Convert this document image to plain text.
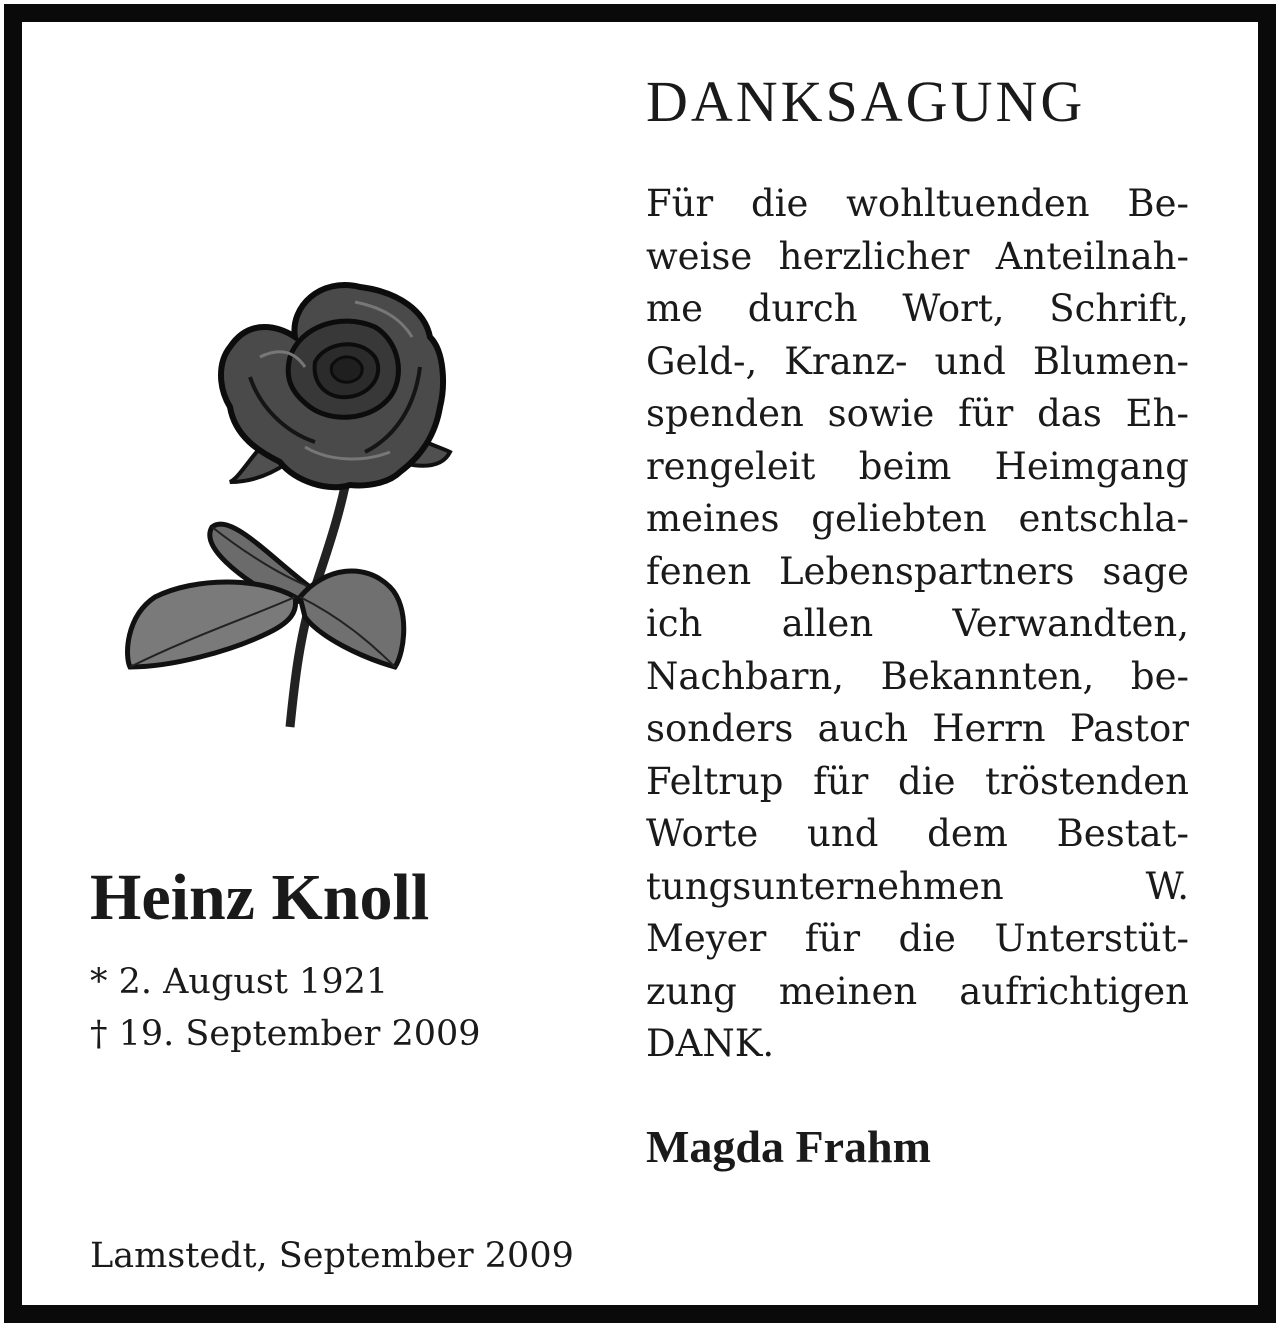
DANKSAGUNG

Für die wohltuenden Be-
weise herzlicher Anteilnah-
me durch Wort, Schrift,
Geld-, Kranz- und Blumen-
spenden sowie für das Eh-
rengeleit beim Heimgang
meines geliebten entschla-
fenen Lebenspartners sage
ich allen Verwandten,
Nachbarn, Bekannten, be-
sonders auch Herrn Pastor
Feltrup für die tröstenden
Worte und dem Bestat-
tungsunternehmen W.
Meyer für die Unterstüt-
zung meinen aufrichtigen
DANK.

Heinz Knoll
* 2. August 1921
† 19. September 2009
Magda Frahm
Lamstedt, September 2009
